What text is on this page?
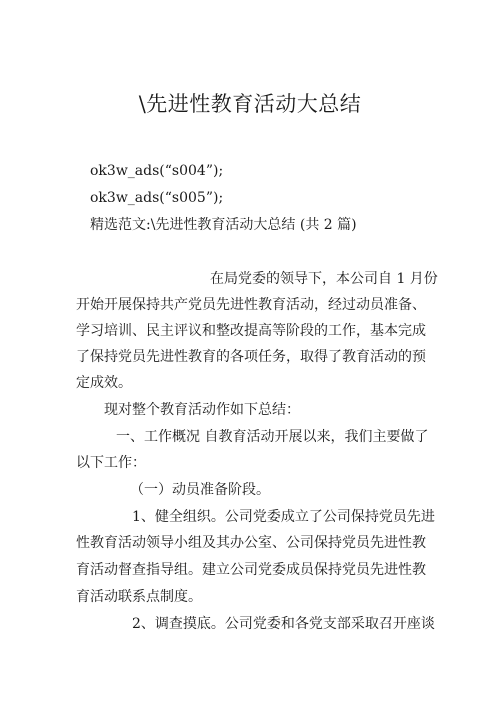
\先进性教育活动大总结
ok3w_ads(“s004”);
ok3w_ads(“s005”);
精选范文:\先进性教育活动大总结 (共 2 篇)
在局党委的领导下，本公司自 1 月份
开始开展保持共产党员先进性教育活动，经过动员准备、
学习培训、民主评议和整改提高等阶段的工作，基本完成
了保持党员先进性教育的各项任务，取得了教育活动的预
定成效。
现对整个教育活动作如下总结：
一、工作概况 自教育活动开展以来，我们主要做了
以下工作：
（一）动员准备阶段。
1、健全组织。公司党委成立了公司保持党员先进
性教育活动领导小组及其办公室、公司保持党员先进性教
育活动督查指导组。建立公司党委成员保持党员先进性教
育活动联系点制度。
2、调查摸底。公司党委和各党支部采取召开座谈
